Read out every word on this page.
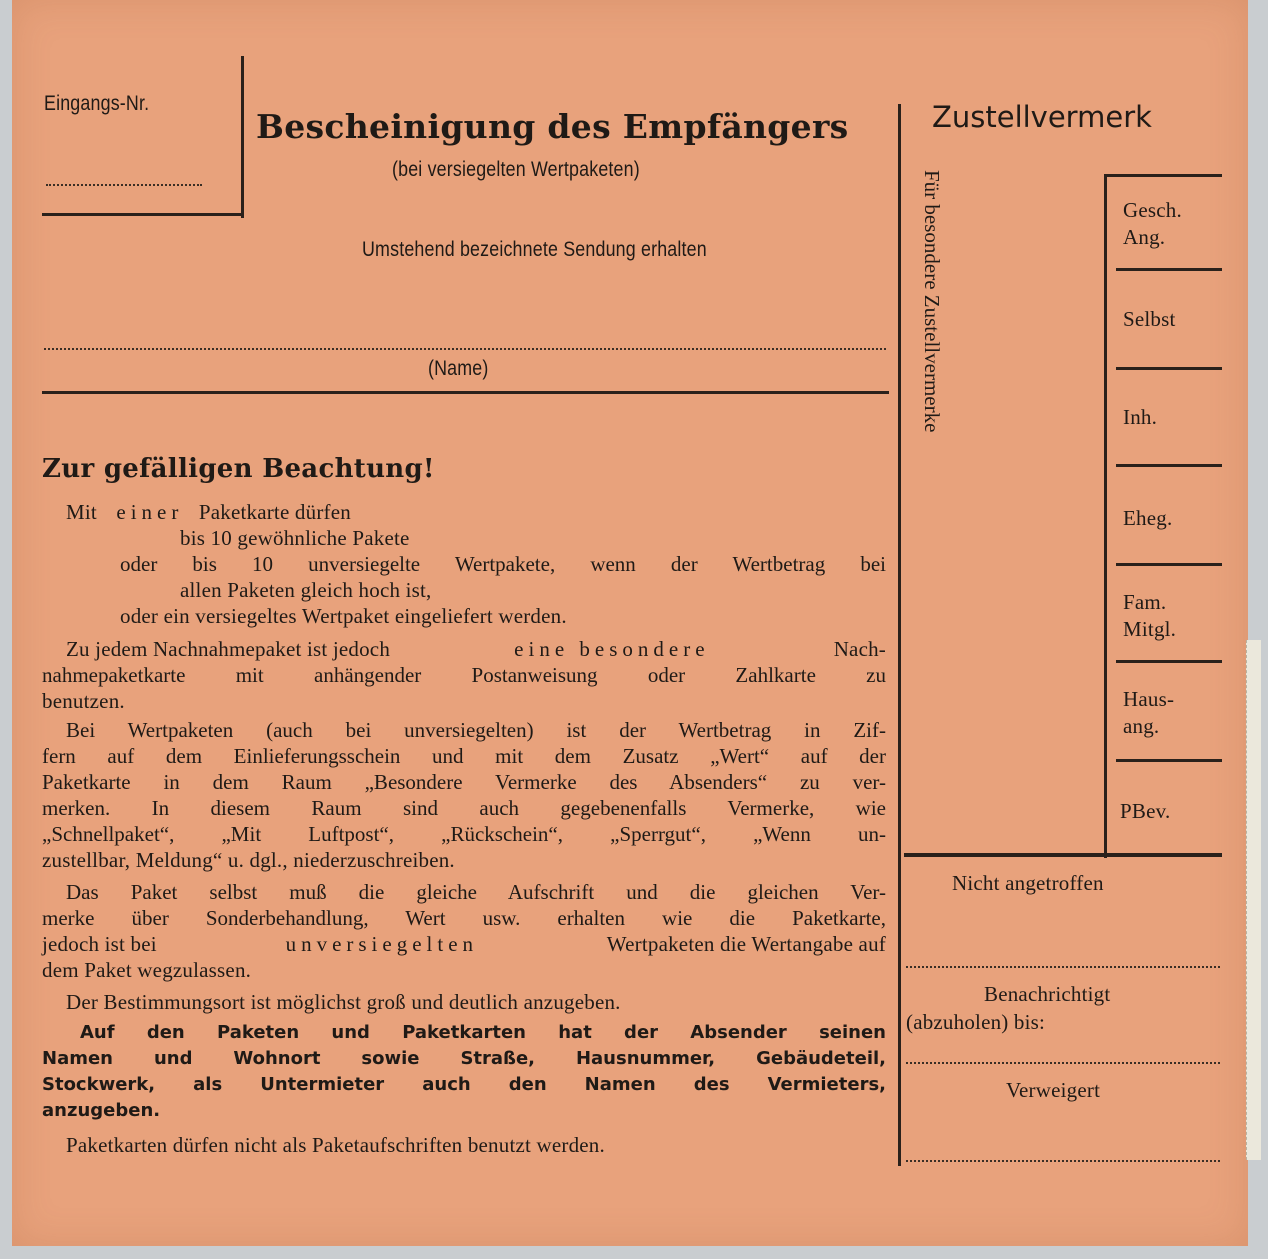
Eingangs-Nr.
Bescheinigung des Empfängers
(bei versiegelten Wertpaketen)
Umstehend bezeichnete Sendung erhalten
(Name)
Zur gefälligen Beachtung!
Mit einer Paketkarte dürfen
bis 10 gewöhnliche Pakete
oder bis 10 unversiegelte Wertpakete, wenn der Wertbetrag bei
allen Paketen gleich hoch ist,
oder ein versiegeltes Wertpaket eingeliefert werden.
Zu jedem Nachnahmepaket ist jedoch	eine besondere	Nach-
nahmepaketkarte mit anhängender Postanweisung oder Zahlkarte zu
benutzen.
Bei Wertpaketen (auch bei unversiegelten) ist der Wertbetrag in Zif-
fern auf dem Einlieferungsschein und mit dem Zusatz „Wert“ auf der
Paketkarte in dem Raum „Besondere Vermerke des Absenders“ zu ver-
merken. In diesem Raum sind auch gegebenenfalls Vermerke, wie
„Schnellpaket“, „Mit Luftpost“, „Rückschein“, „Sperrgut“, „Wenn un-
zustellbar, Meldung“ u. dgl., niederzuschreiben.
Das Paket selbst muß die gleiche Aufschrift und die gleichen Ver-
merke über Sonderbehandlung, Wert usw. erhalten wie die Paketkarte,
jedoch ist bei	unversiegelten	Wertpaketen die Wertangabe auf
dem Paket wegzulassen.
Der Bestimmungsort ist möglichst groß und deutlich anzugeben.
Auf den Paketen und Paketkarten hat der Absender seinen
Namen und Wohnort sowie Straße, Hausnummer, Gebäudeteil,
Stockwerk, als Untermieter auch den Namen des Vermieters,
anzugeben.
Paketkarten dürfen nicht als Paketaufschriften benutzt werden.
Zustellvermerk
Für besondere Zustellvermerke	Gesch.
Ang.
Selbst
Inh.
Eheg.
Fam.
Mitgl.
Haus-
ang.
PBev.
Nicht angetroffen
Benachrichtigt
(abzuholen) bis:
Verweigert
